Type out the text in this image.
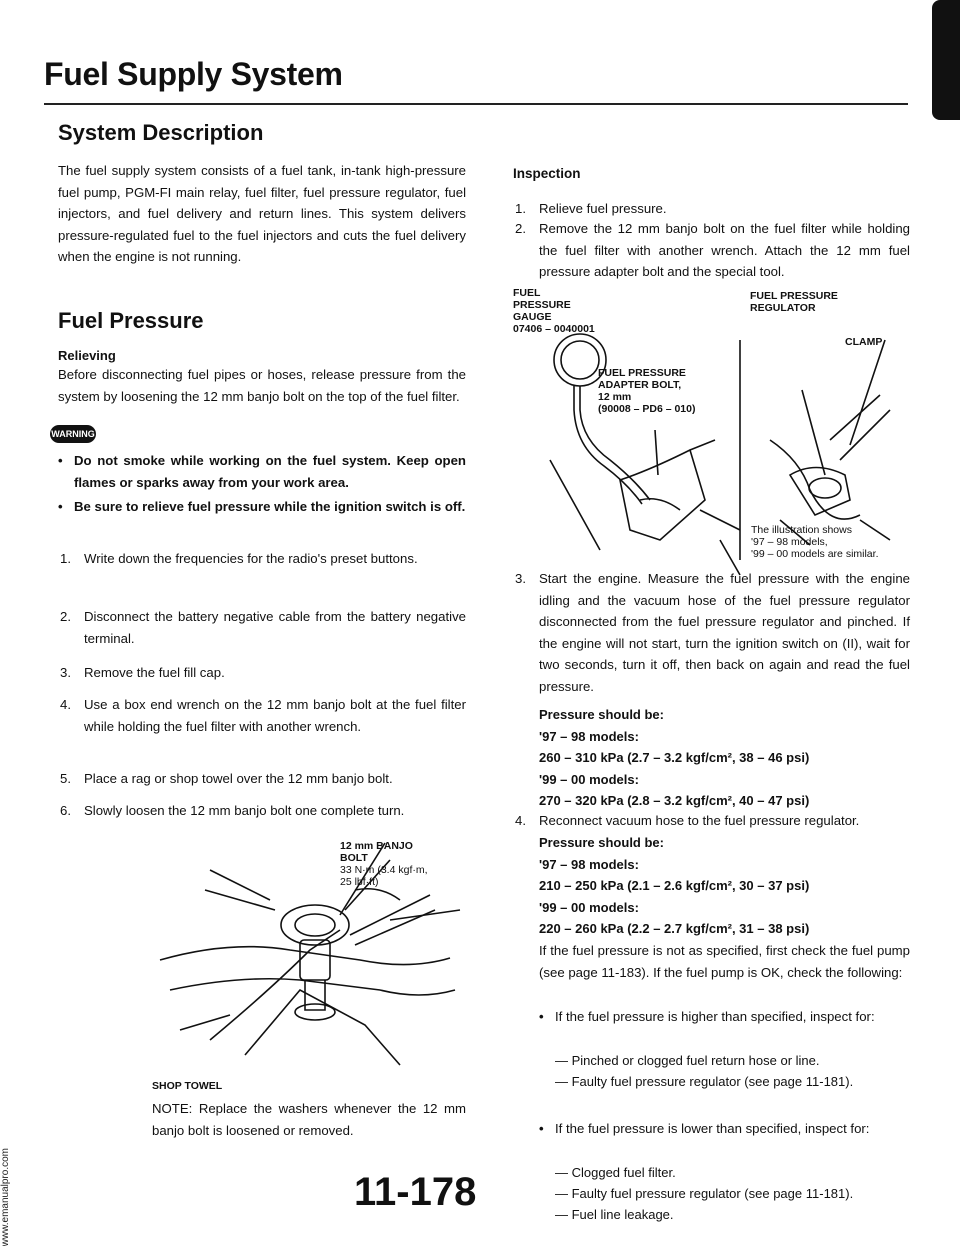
Fuel Supply System
System Description
The fuel supply system consists of a fuel tank, in-tank high-pressure fuel pump, PGM-FI main relay, fuel filter, fuel pressure regulator, fuel injectors, and fuel delivery and return lines. This system delivers pressure-regulated fuel to the fuel injectors and cuts the fuel delivery when the engine is not running.
Fuel Pressure
Relieving
Before disconnecting fuel pipes or hoses, release pressure from the system by loosening the 12 mm banjo bolt on the top of the fuel filter.
WARNING
• Do not smoke while working on the fuel system. Keep open flames or sparks away from your work area.
• Be sure to relieve fuel pressure while the ignition switch is off.
1. Write down the frequencies for the radio's preset buttons.
2. Disconnect the battery negative cable from the battery negative terminal.
3. Remove the fuel fill cap.
4. Use a box end wrench on the 12 mm banjo bolt at the fuel filter while holding the fuel filter with another wrench.
5. Place a rag or shop towel over the 12 mm banjo bolt.
6. Slowly loosen the 12 mm banjo bolt one complete turn.
12 mm BANJO
BOLT
33 N·m (3.4 kgf·m,
25 lbf·ft)
SHOP TOWEL
NOTE: Replace the washers whenever the 12 mm banjo bolt is loosened or removed.
Inspection
1. Relieve fuel pressure.
2. Remove the 12 mm banjo bolt on the fuel filter while holding the fuel filter with another wrench. Attach the 12 mm fuel pressure adapter bolt and the special tool.
FUEL
PRESSURE
GAUGE
07406 – 0040001
FUEL PRESSURE
ADAPTER BOLT,
12 mm
(90008 – PD6 – 010)
FUEL PRESSURE
REGULATOR
CLAMP
The illustration shows
'97 – 98 models,
'99 – 00 models are similar.
3. Start the engine. Measure the fuel pressure with the engine idling and the vacuum hose of the fuel pressure regulator disconnected from the fuel pressure regulator and pinched. If the engine will not start, turn the ignition switch on (II), wait for two seconds, turn it off, then back on again and read the fuel pressure.
Pressure should be:
'97 – 98 models:
260 – 310 kPa (2.7 – 3.2 kgf/cm², 38 – 46 psi)
'99 – 00 models:
270 – 320 kPa (2.8 – 3.2 kgf/cm², 40 – 47 psi)
4. Reconnect vacuum hose to the fuel pressure regulator.
Pressure should be:
'97 – 98 models:
210 – 250 kPa (2.1 – 2.6 kgf/cm², 30 – 37 psi)
'99 – 00 models:
220 – 260 kPa (2.2 – 2.7 kgf/cm², 31 – 38 psi)
If the fuel pressure is not as specified, first check the fuel pump (see page 11-183). If the fuel pump is OK, check the following:
• If the fuel pressure is higher than specified, inspect for:
— Pinched or clogged fuel return hose or line.
— Faulty fuel pressure regulator (see page 11-181).
• If the fuel pressure is lower than specified, inspect for:
— Clogged fuel filter.
— Faulty fuel pressure regulator (see page 11-181).
— Fuel line leakage.
11-178
www.emanualpro.com
